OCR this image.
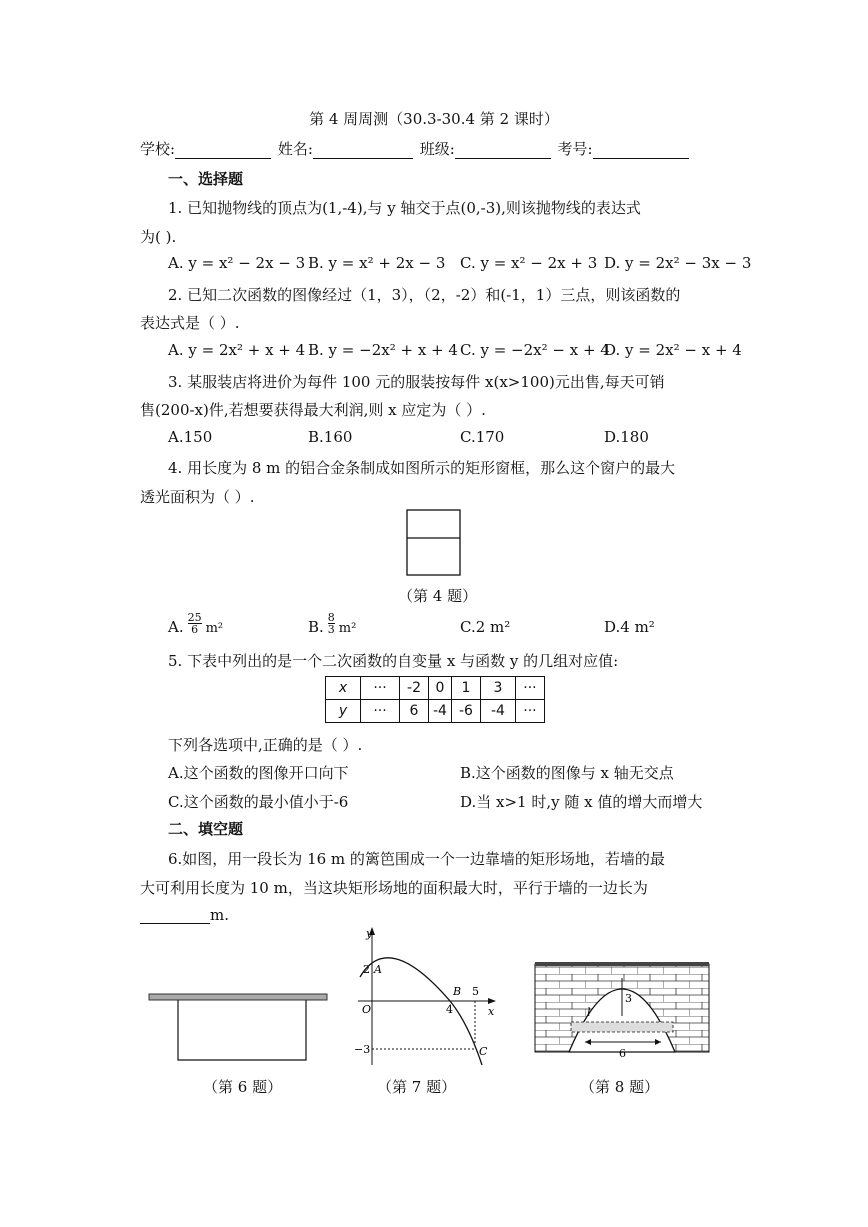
第 4 周周测（30.3-30.4 第 2 课时）
学校:	姓名:	班级:	考号:
一、选择题
1. 已知抛物线的顶点为(1,-4),与 y 轴交于点(0,-3),则该抛物线的表达式
为( ).
A. y = x² − 2x − 3 B. y = x² + 2x − 3 C. y = x² − 2x + 3 D. y = 2x² − 3x − 3
2. 已知二次函数的图像经过（1，3），（2，-2）和(-1，1）三点，则该函数的
表达式是（ ）.
A. y = 2x² + x + 4 B. y = −2x² + x + 4 C. y = −2x² − x + 4
D. y = 2x² − x + 4
3. 某服装店将进价为每件 100 元的服装按每件 x(x>100)元出售,每天可销
售(200-x)件,若想要获得最大利润,则 x 应定为（ ）.
A.150	B.160	C.170	D.180
4. 用长度为 8 m 的铝合金条制成如图所示的矩形窗框，那么这个窗户的最大
透光面积为（ ）.
（第 4 题）
A. $\frac{25}{6} m^2$	B. $\frac{8}{3} m^2$	C.2 m²	D.4 m²
5. 下表中列出的是一个二次函数的自变量 x 与函数 y 的几组对应值:
x	···	-2	0	1	3	···
y	···	6	-4	-6	-4	···
下列各选项中,正确的是（ ）.
A.这个函数的图像开口向下	B.这个函数的图像与 x 轴无交点
C.这个函数的最小值小于-6	D.当 x>1 时,y 随 x 值的增大而增大
二、填空题
6.如图，用一段长为 16 m 的篱笆围成一个一边靠墙的矩形场地，若墙的最
大可利用长度为 10 m，当这块矩形场地的面积最大时，平行于墙的一边长为
m.
（第 6 题）
y
x
O
2 A
B
4
5
C
−3
（第 7 题）
3
6
l
（第 8 题）
